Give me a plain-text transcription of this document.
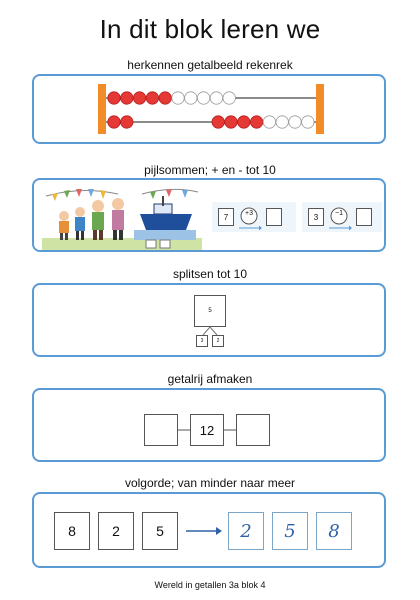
In dit blok leren we
herkennen getalbeeld rekenrek
pijlsommen; + en - tot 10
7	+3	3	−1
splitsen tot 10
5
3	2
getalrij afmaken
12
volgorde; van minder naar meer
8	2	5	2	5	8
Wereld in getallen 3a blok 4
